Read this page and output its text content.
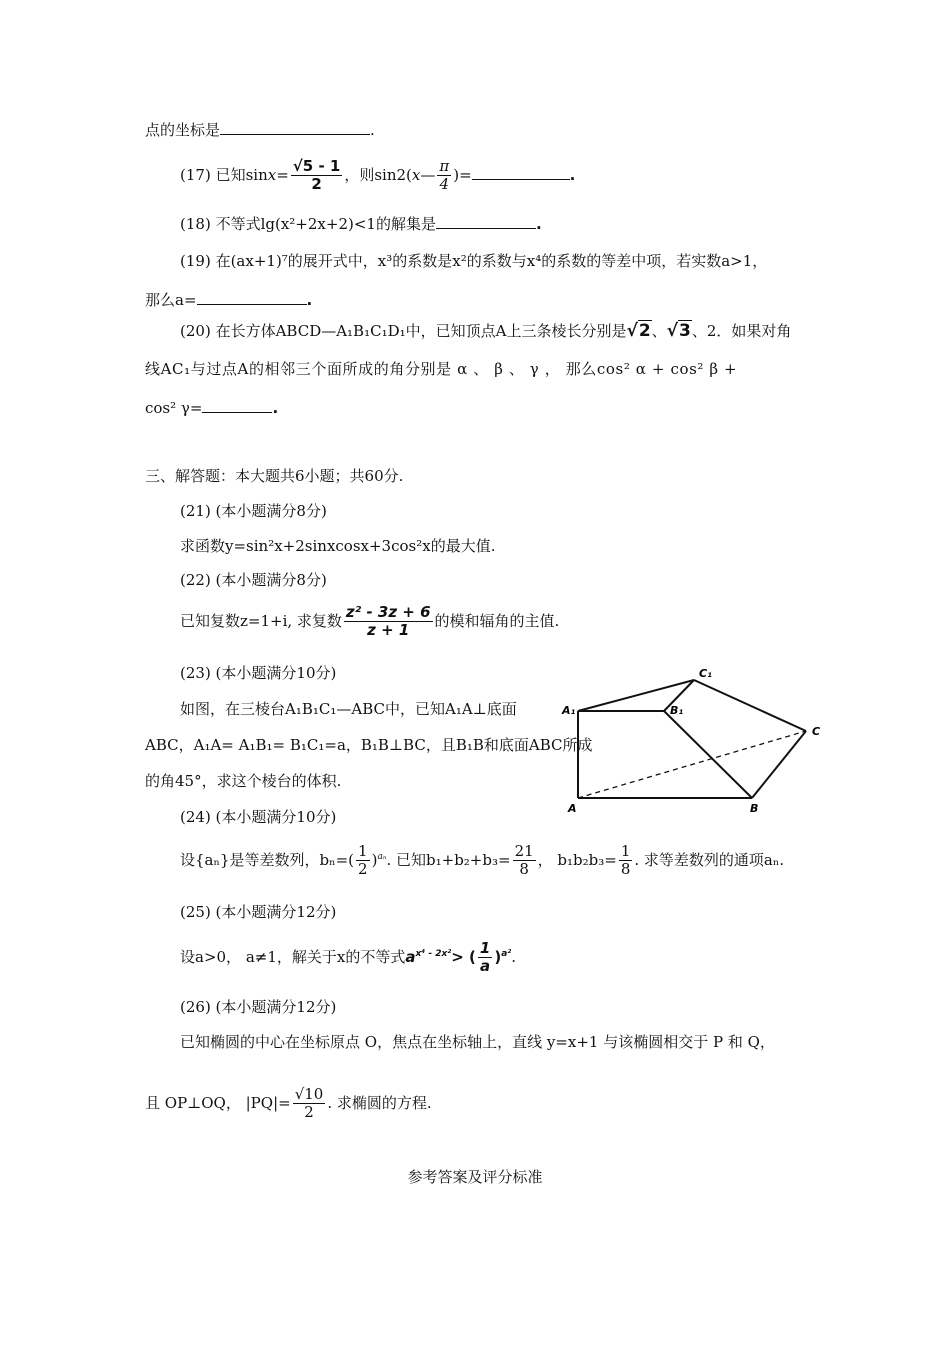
点的坐标是	.
(17) 已知$\sin x= \frac{√5 - 1}{2}$ ，则sin2(x— $\frac{\pi}{4}$ )=	.
(18) 不等式lg(x²+2x+2)<1的解集是	.
(19) 在(ax+1)⁷的展开式中，x³的系数是x²的系数与x⁴的系数的等差中项，若实数a>1，
那么a=	.
(20) 在长方体ABCD—A₁B₁C₁D₁中，已知顶点A上三条棱长分别是√2、√3、2．如果对角
线AC₁与过点A的相邻三个面所成的角分别是 α 、 β 、 γ ， 那么cos² α + cos² β +
cos² γ=	.
三、解答题：本大题共6小题；共60分.
(21) (本小题满分8分)
求函数y=sin²x+2sinxcosx+3cos²x的最大值.
(22) (本小题满分8分)
已知复数z=1+i, 求复数 $\frac{\text{z² - 3z + 6}}{z + 1}$ 的模和辐角的主值.
(23) (本小题满分10分)
如图，在三棱台A₁B₁C₁—ABC中，已知A₁A⊥底面
ABC，A₁A= A₁B₁= B₁C₁=a，B₁B⊥BC，且B₁B和底面ABC所成
的角45°，求这个棱台的体积.
A₁	B₁
C₁
A	B
C
(24) (本小题满分10分)
设{aₙ}是等差数列，$b_n=( \frac{1}{2} )^{a_n}$. 已知$b_1+b_2+b_3= \frac{21}{8}$ ， $b_1b_2b_3= \frac{1}{8}$ . 求等差数列的通项aₙ.
(25) (本小题满分12分)
设a>0， a≠1，解关于x的不等式$a^{x^4 - 2x^2}>$ ( $\frac{1}{a} )^{a^2}$.
(26) (本小题满分12分)
已知椭圆的中心在坐标原点 O，焦点在坐标轴上，直线 y=x+1 与该椭圆相交于 P 和 Q，
且 OP⊥OQ， $|PQ|= \frac{√10}{2}$ . 求椭圆的方程.
参考答案及评分标准
